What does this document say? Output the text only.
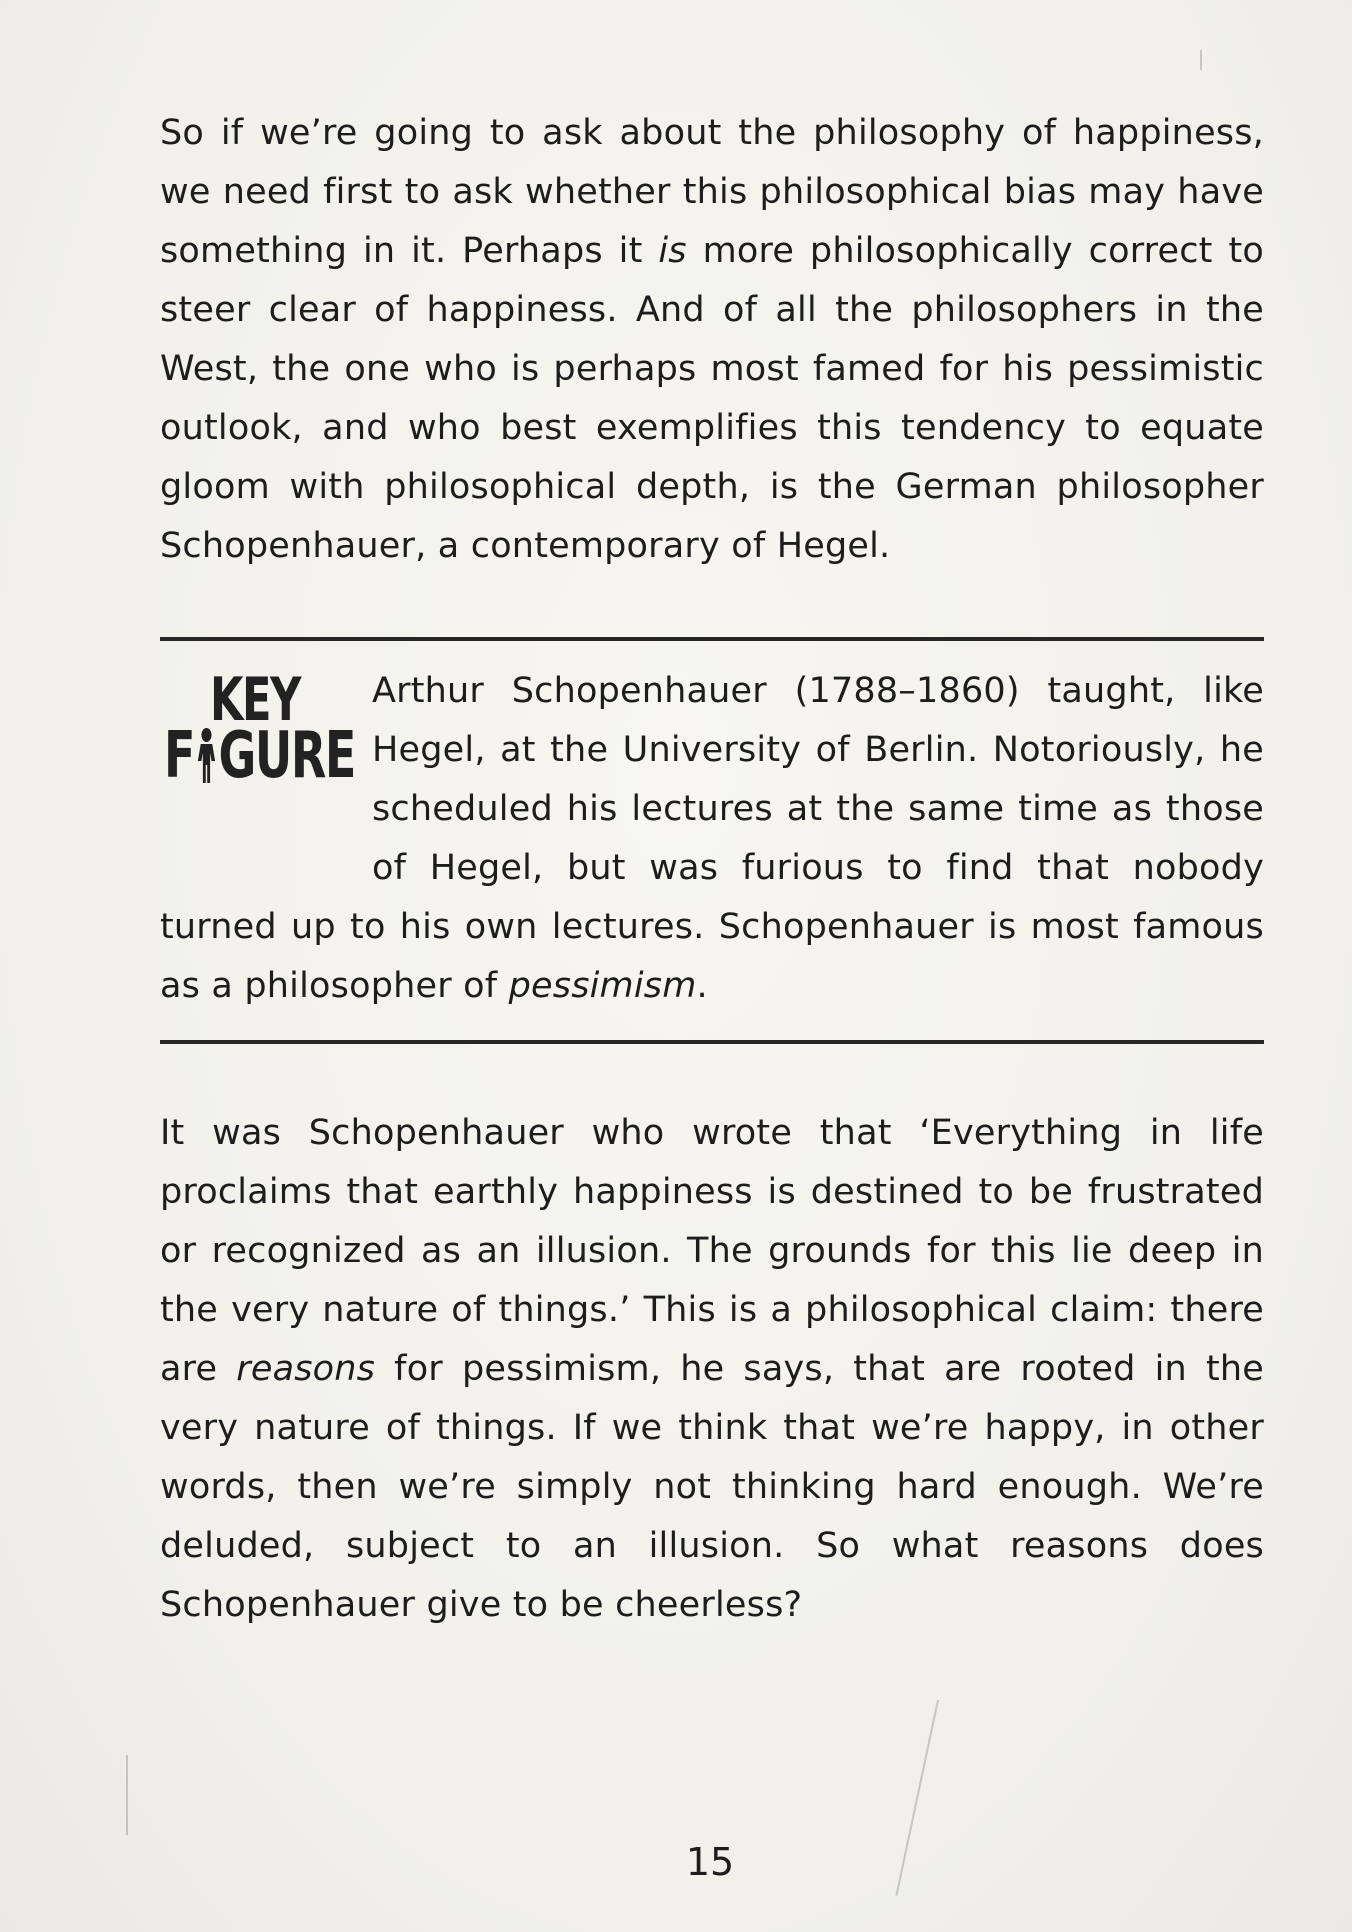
So if we’re going to ask about the philosophy of happiness, we need first to ask whether this philosophical bias may have something in it. Perhaps it is more philosophically correct to steer clear of happiness. And of all the philosophers in the West, the one who is perhaps most famed for his pessimistic outlook, and who best exemplifies this tendency to equate gloom with philosophical depth, is the German philosopher Schopenhauer, a contemporary of Hegel.

KEY
F GURE

Arthur Schopenhauer (1788–1860) taught, like Hegel, at the University of Berlin. Notoriously, he scheduled his lectures at the same time as those of Hegel, but was furious to find that nobody turned up to his own lectures. Schopenhauer is most famous as a philosopher of pessimism.

It was Schopenhauer who wrote that ‘Everything in life proclaims that earthly happiness is destined to be frustrated or recognized as an illusion. The grounds for this lie deep in the very nature of things.’ This is a philosophical claim: there are reasons for pessimism, he says, that are rooted in the very nature of things. If we think that we’re happy, in other words, then we’re simply not thinking hard enough. We’re deluded, subject to an illusion. So what reasons does Schopenhauer give to be cheerless?

15
